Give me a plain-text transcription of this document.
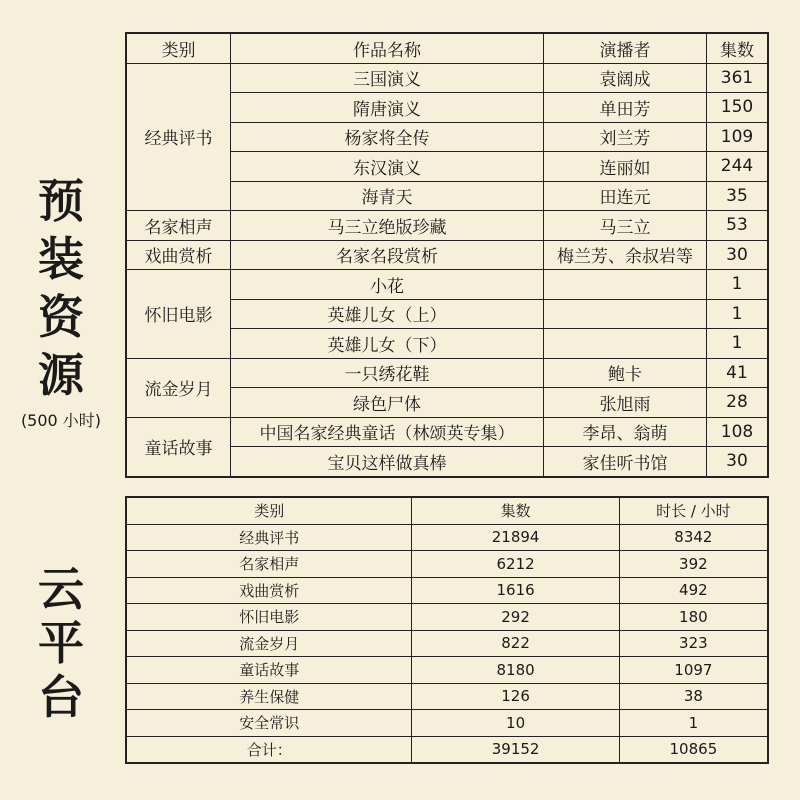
预
装
资
源
(500 小时)
类别	作品名称	演播者	集数
经典评书	三国演义	袁阔成	361
	隋唐演义	单田芳	150
	杨家将全传	刘兰芳	109
	东汉演义	连丽如	244
	海青天	田连元	35
名家相声	马三立绝版珍藏	马三立	53
戏曲赏析	名家名段赏析	梅兰芳、余叔岩等	30
怀旧电影	小花		1
	英雄儿女（上）		1
	英雄儿女（下）		1
流金岁月	一只绣花鞋	鲍卡	41
	绿色尸体	张旭雨	28
童话故事	中国名家经典童话（林颂英专集）	李昂、翁萌	108
	宝贝这样做真棒	家佳听书馆	30
云
平
台
类别	集数	时长 / 小时
经典评书	21894	8342
名家相声	6212	392
戏曲赏析	1616	492
怀旧电影	292	180
流金岁月	822	323
童话故事	8180	1097
养生保健	126	38
安全常识	10	1
合计：	39152	10865
